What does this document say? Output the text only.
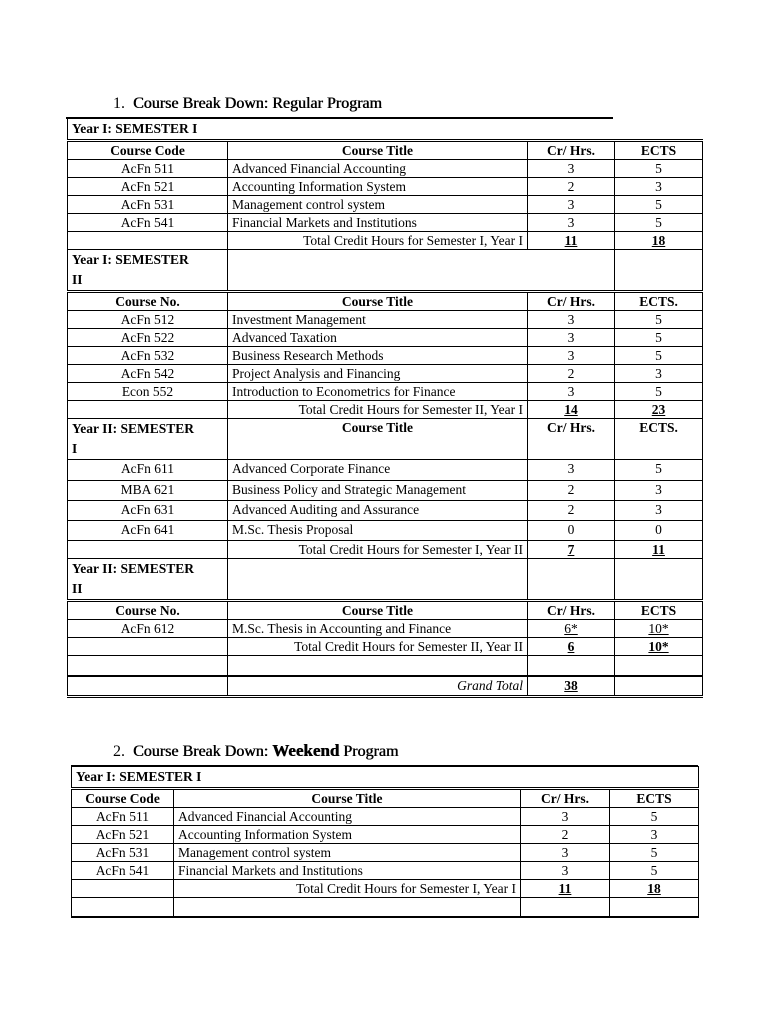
1. Course Break Down: Regular Program
Year I: SEMESTER I			
Course Code	Course Title	Cr/ Hrs.	ECTS
AcFn 511	Advanced Financial Accounting	3	5
AcFn 521	Accounting Information System	2	3
AcFn 531	Management control system	3	5
AcFn 541	Financial Markets and Institutions	3	5
	Total Credit Hours for Semester I, Year I	11	18
Year I: SEMESTER
II			
Course No.	Course Title	Cr/ Hrs.	ECTS.
AcFn 512	Investment Management	3	5
AcFn 522	Advanced Taxation	3	5
AcFn 532	Business Research Methods	3	5
AcFn 542	Project Analysis and Financing	2	3
Econ 552	Introduction to Econometrics for Finance	3	5
	Total Credit Hours for Semester II, Year I	14	23
Year II: SEMESTER
I	Course Title	Cr/ Hrs.	ECTS.
AcFn 611	Advanced Corporate Finance	3	5
MBA 621	Business Policy and Strategic Management	2	3
AcFn 631	Advanced Auditing and Assurance	2	3
AcFn 641	M.Sc. Thesis Proposal	0	0
	Total Credit Hours for Semester I, Year II	7	11
Year II: SEMESTER
II			
Course No.	Course Title	Cr/ Hrs.	ECTS
AcFn 612	M.Sc. Thesis in Accounting and Finance	6*	10*
	Total Credit Hours for Semester II, Year II	6	10*

	Grand Total	38	
2. Course Break Down: Weekend Program
Year I: SEMESTER I			
Course Code	Course Title	Cr/ Hrs.	ECTS
AcFn 511	Advanced Financial Accounting	3	5
AcFn 521	Accounting Information System	2	3
AcFn 531	Management control system	3	5
AcFn 541	Financial Markets and Institutions	3	5
	Total Credit Hours for Semester I, Year I	11	18
